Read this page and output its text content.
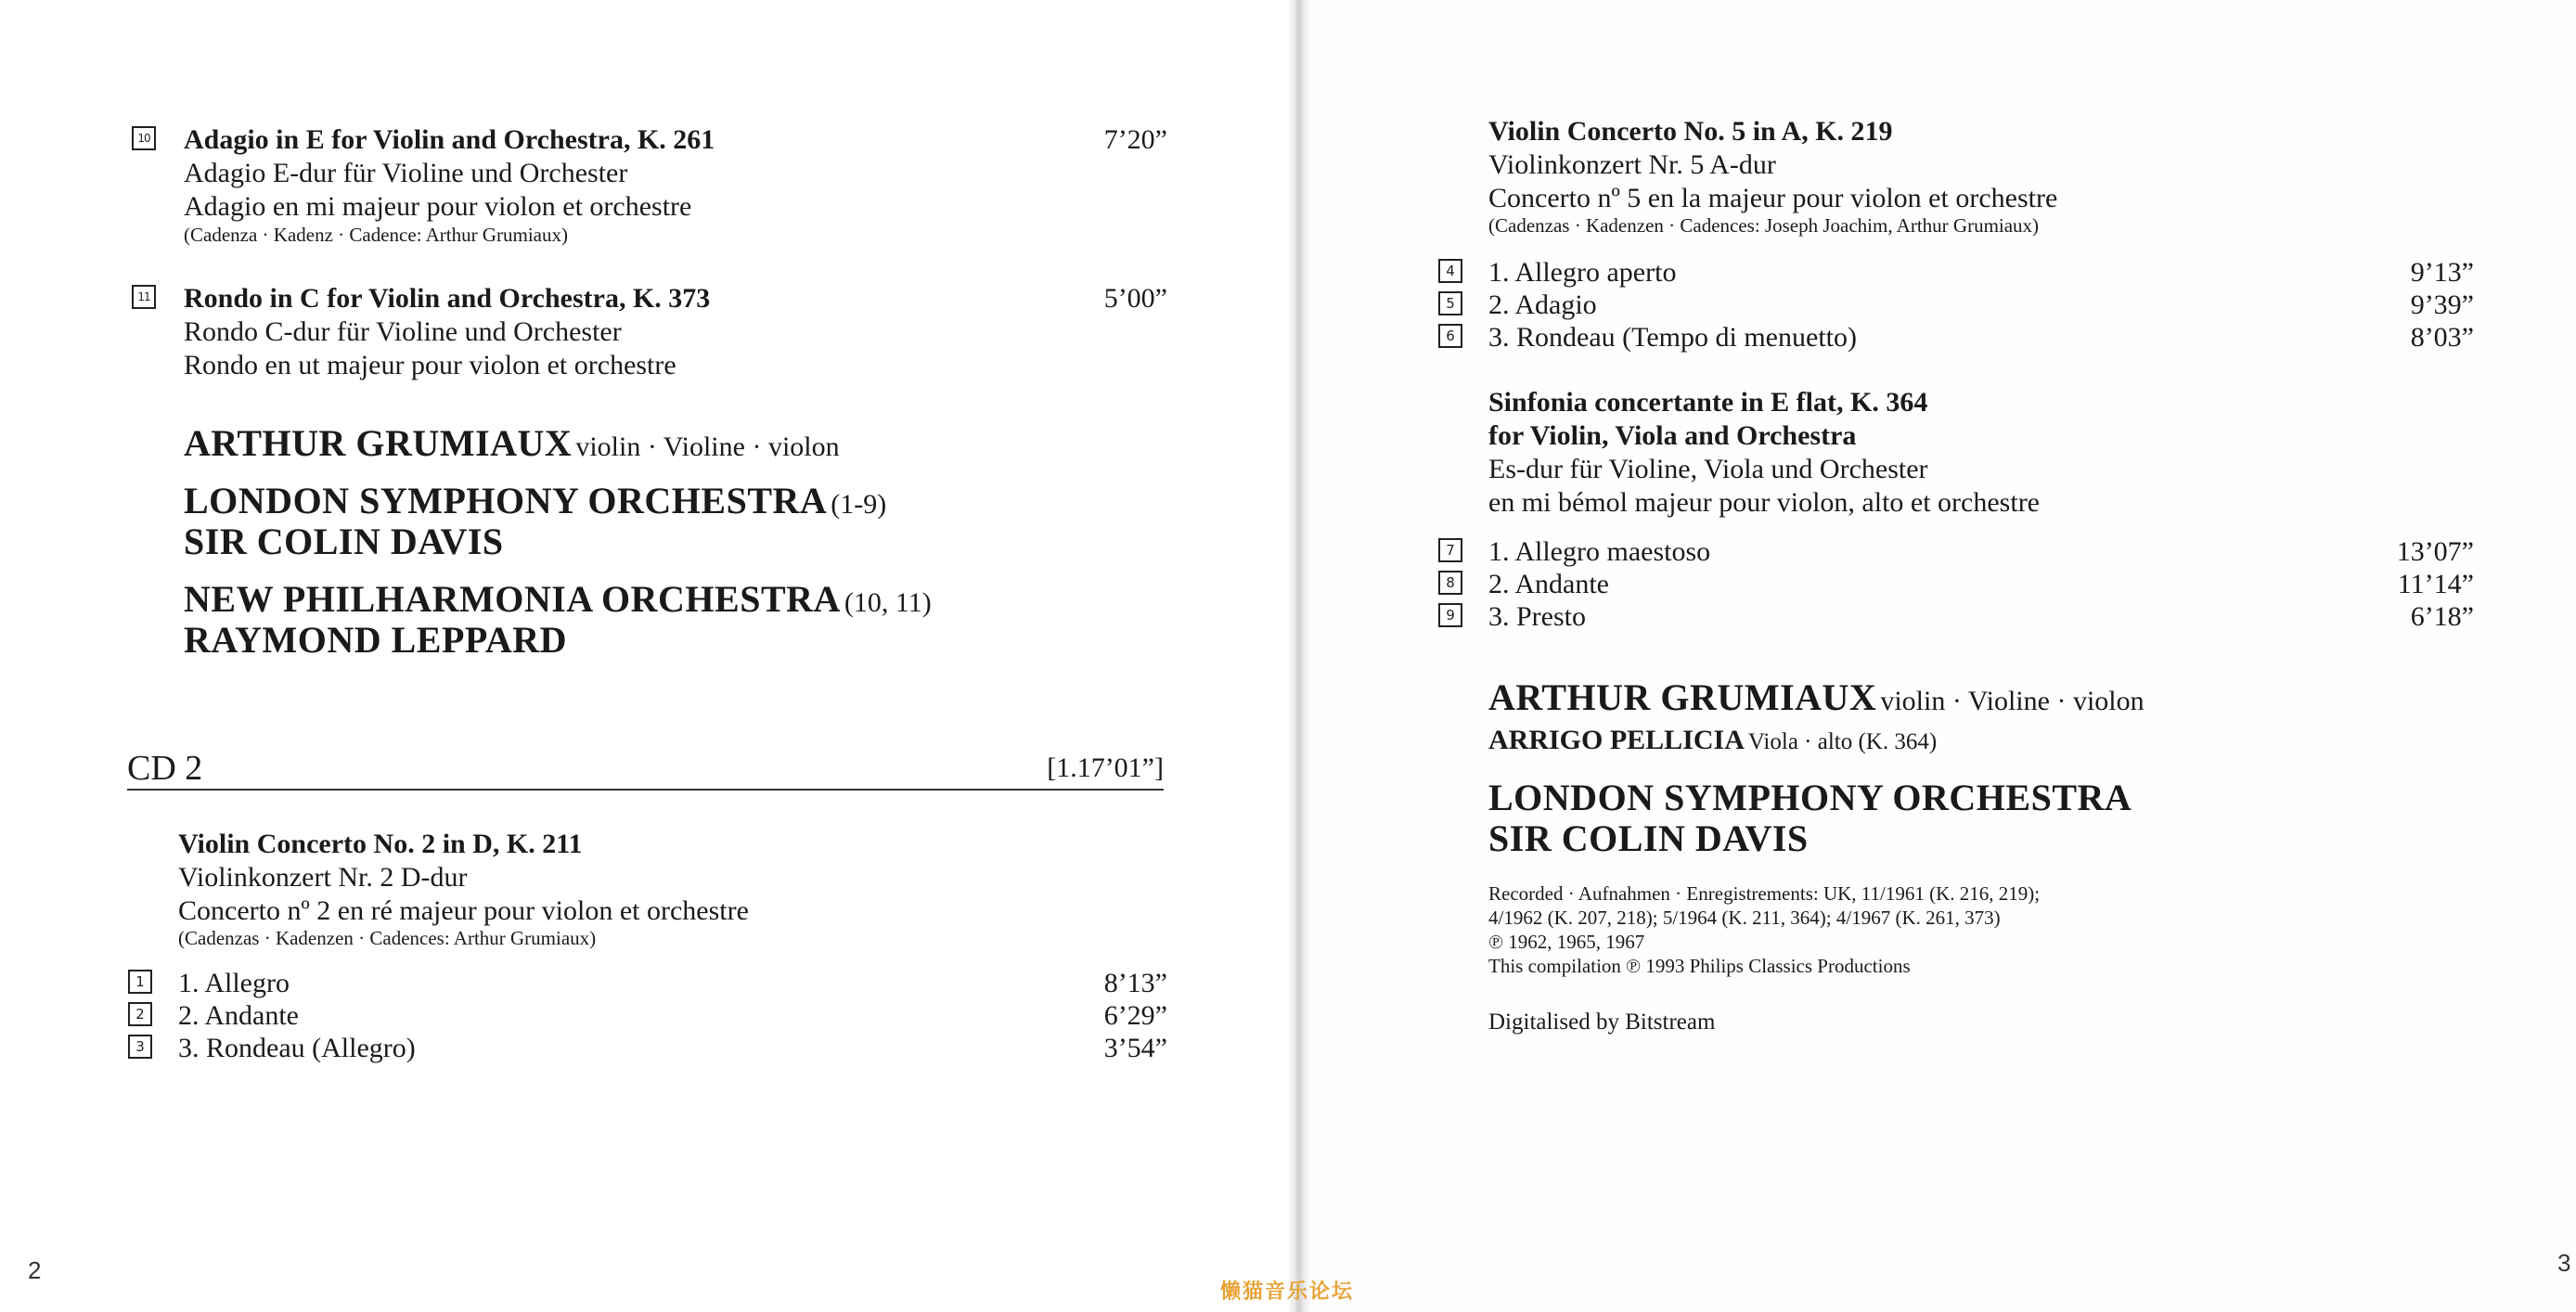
10 Adagio in E for Violin and Orchestra, K. 261	7’20”
Adagio E-dur für Violine und Orchester
Adagio en mi majeur pour violon et orchestre
(Cadenza · Kadenz · Cadence: Arthur Grumiaux)
11 Rondo in C for Violin and Orchestra, K. 373	5’00”
Rondo C-dur für Violine und Orchester
Rondo en ut majeur pour violon et orchestre
ARTHUR GRUMIAUX violin · Violine · violon
LONDON SYMPHONY ORCHESTRA (1-9)
SIR COLIN DAVIS
NEW PHILHARMONIA ORCHESTRA (10, 11)
RAYMOND LEPPARD
CD 2	[1.17’01”]
Violin Concerto No. 2 in D, K. 211
Violinkonzert Nr. 2 D-dur
Concerto nº 2 en ré majeur pour violon et orchestre
(Cadenzas · Kadenzen · Cadences: Arthur Grumiaux)
1 1. Allegro	8’13”
2 2. Andante	6’29”
3 3. Rondeau (Allegro)	3’54”
2
Violin Concerto No. 5 in A, K. 219
Violinkonzert Nr. 5 A-dur
Concerto nº 5 en la majeur pour violon et orchestre
(Cadenzas · Kadenzen · Cadences: Joseph Joachim, Arthur Grumiaux)
4 1. Allegro aperto	9’13”
5 2. Adagio	9’39”
6 3. Rondeau (Tempo di menuetto)	8’03”
Sinfonia concertante in E flat, K. 364
for Violin, Viola and Orchestra
Es-dur für Violine, Viola und Orchester
en mi bémol majeur pour violon, alto et orchestre
7 1. Allegro maestoso	13’07”
8 2. Andante	11’14”
9 3. Presto	6’18”
ARTHUR GRUMIAUX violin · Violine · violon
ARRIGO PELLICIA Viola · alto (K. 364)
LONDON SYMPHONY ORCHESTRA
SIR COLIN DAVIS
Recorded · Aufnahmen · Enregistrements: UK, 11/1961 (K. 216, 219);
4/1962 (K. 207, 218); 5/1964 (K. 211, 364); 4/1967 (K. 261, 373)
℗ 1962, 1965, 1967
This compilation ℗ 1993 Philips Classics Productions
Digitalised by Bitstream
3
懒猫音乐论坛
